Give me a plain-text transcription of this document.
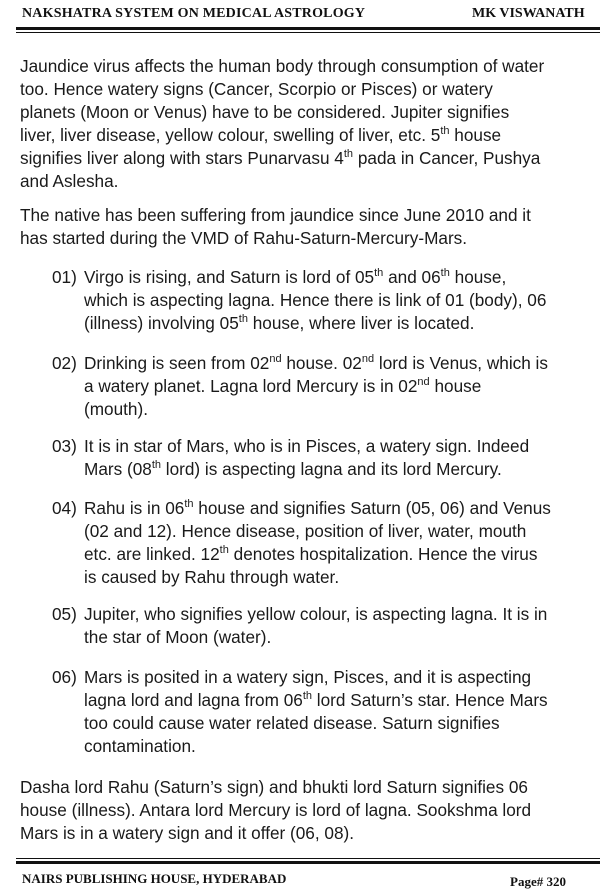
NAKSHATRA SYSTEM ON MEDICAL ASTROLOGY	MK VISWANATH
Jaundice virus affects the human body through consumption of water
too. Hence watery signs (Cancer, Scorpio or Pisces) or watery
planets (Moon or Venus) have to be considered. Jupiter signifies
liver, liver disease, yellow colour, swelling of liver, etc. 5th house
signifies liver along with stars Punarvasu 4th pada in Cancer, Pushya
and Aslesha.
The native has been suffering from jaundice since June 2010 and it
has started during the VMD of Rahu-Saturn-Mercury-Mars.
01) Virgo is rising, and Saturn is lord of 05th and 06th house,
which is aspecting lagna. Hence there is link of 01 (body), 06
(illness) involving 05th house, where liver is located.
02) Drinking is seen from 02nd house. 02nd lord is Venus, which is
a watery planet. Lagna lord Mercury is in 02nd house
(mouth).
03) It is in star of Mars, who is in Pisces, a watery sign. Indeed
Mars (08th lord) is aspecting lagna and its lord Mercury.
04) Rahu is in 06th house and signifies Saturn (05, 06) and Venus
(02 and 12). Hence disease, position of liver, water, mouth
etc. are linked. 12th denotes hospitalization. Hence the virus
is caused by Rahu through water.
05) Jupiter, who signifies yellow colour, is aspecting lagna. It is in
the star of Moon (water).
06) Mars is posited in a watery sign, Pisces, and it is aspecting
lagna lord and lagna from 06th lord Saturn’s star. Hence Mars
too could cause water related disease. Saturn signifies
contamination.
Dasha lord Rahu (Saturn’s sign) and bhukti lord Saturn signifies 06
house (illness). Antara lord Mercury is lord of lagna. Sookshma lord
Mars is in a watery sign and it offer (06, 08).
NAIRS PUBLISHING HOUSE, HYDERABAD	Page# 320
